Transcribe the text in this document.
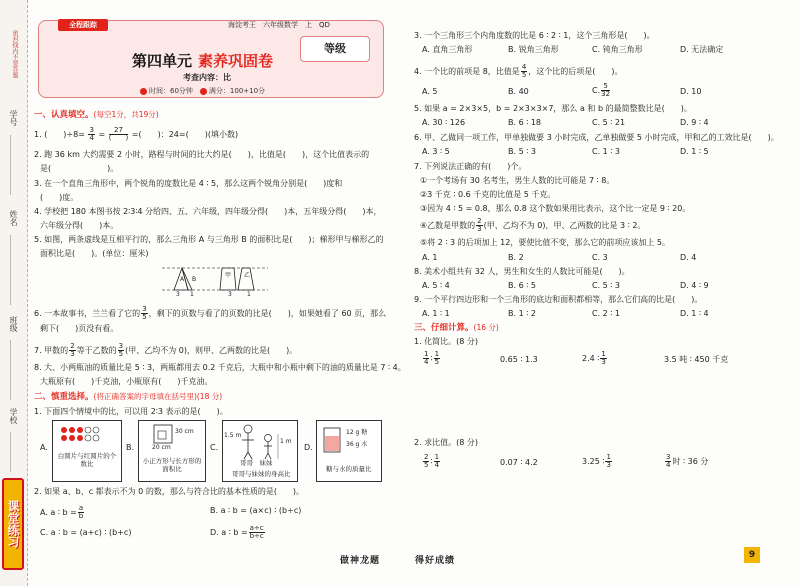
密封线内不要答题
学号
姓名
班级
学校
课堂练习
全程跟踪	海淀考王　六年级数学　上　QD
第四单元 素养巩固卷
等级
考查内容：比
时间：60分钟　 满分：100+10分
一、认真填空。(每空1分，共19分)
1. (　　)$\div 8= \frac{3}{4} = \frac{27}{( )}$ =(　　)：24=(　　)(填小数)
2. 跑 36 km 大约需要 2 小时，路程与时间的比大约是(　　)，比值是(　　)，这个比值表示的
是(　　　　　　　)。
3. 在一个直角三角形中，两个锐角的度数比是 4 ∶ 5，那么这两个锐角分别是(　　)度和
(　　)度。
4. 学校把 180 本图书按 2∶3∶4 分给四、五、六年级，四年级分得(　　)本，五年级分得(　　)本，
六年级分得(　　)本。
5. 如图，两条虚线是互相平行的，那么三角形 A 与三角形 B 的面积比是(　　)；梯形甲与梯形乙的
面积比是(　　)。(单位：厘米)
A B
甲 乙
3 1	3	1
6. 一本故事书，兰兰看了它的 $\frac{3}{5}$ ，剩下的页数与看了的页数的比是(　　)，如果她看了 60 页，那么
剩下(　　)页没有看。
7. 甲数的 $\frac{2}{3}$ 等于乙数的 $\frac{3}{5}$ (甲、乙均不为 0)，则甲、乙两数的比是(　　)。
8. 大、小两瓶油的质量比是 5 ∶ 3，两瓶都用去 0.2 千克后，大瓶中和小瓶中剩下的油的质量比是 7 ∶ 4。
大瓶原有(　　)千克油，小瓶原有(　　)千克油。
二、慎重选择。(将正确答案的字母填在括号里)(18 分)
1. 下面四个情境中的比，可以用 2∶3 表示的是(　　)。
A.
白圆片与红圆片的个数比
B.
30 cm
20 cm
小正方形与长方形的面积比
C.
1.5 m
1 m
哥哥　妹妹
哥哥与妹妹的身高比
D.
12 g 糖
36 g 水
糖与水的质量比
2. 如果 a、b、c 都表示不为 0 的数，那么与符合比的基本性质的是(　　)。
A. a ∶ $b = \frac{a}{b}$	B. a ∶ b = (a×c) ∶ (b÷c)
C. a ∶ b = (a+c) ∶ (b+c)	D. a ∶ $b = \frac{a\div c}{b\div c}$
做神龙题	得好成绩
3. 一个三角形三个内角度数的比是 6 ∶ 2 ∶ 1，这个三角形是(　　)。
A. 直角三角形	B. 锐角三角形	C. 钝角三角形	D. 无法确定
4. 一个比的前项是 8，比值是 $\frac{4}{5}$ ，这个比的后项是(　　)。
A. 5	B. 40	C. $\frac{5}{32}$	D. 10
5. 如果 a = 2×3×5，b = 2×3×3×7，那么 a 和 b 的最简整数比是(　　)。
A. 30 ∶ 126	B. 6 ∶ 18	C. 5 ∶ 21	D. 9 ∶ 4
6. 甲、乙做同一项工作，甲单独做要 3 小时完成，乙单独做要 5 小时完成，甲和乙的工效比是(　　)。
A. 3 ∶ 5	B. 5 ∶ 3	C. 1 ∶ 3	D. 1 ∶ 5
7. 下列说法正确的有(　　)个。
①一个考场有 30 名考生，男生人数的比可能是 7 ∶ 8。
②3 千克 ∶ 0.6 千克的比值是 5 千克。
③因为 4 ∶ 5 = 0.8，那么 0.8 这个数如果用比表示，这个比一定是 9 ∶ 20。
④乙数是甲数的 $\frac{2}{3}$ (甲、乙均不为 0)，甲、乙两数的比是 3 ∶ 2。
⑤将 2 ∶ 3 的后项加上 12，要使比值不变，那么它的前项应该加上 5。
A. 1	B. 2	C. 3	D. 4
8. 美术小组共有 32 人，男生和女生的人数比可能是(　　)。
A. 5 ∶ 4	B. 6 ∶ 5	C. 5 ∶ 3	D. 4 ∶ 9
9. 一个平行四边形和一个三角形的底边和面积都相等，那么它们高的比是(　　)。
A. 1 ∶ 1	B. 1 ∶ 2	C. 2 ∶ 1	D. 1 ∶ 4
三、仔细计算。(16 分)
1. 化简比。(8 分)
$\frac{1}{4}$ ∶ $\frac{1}{5}$	0.65 ∶ 1.3	2.4 ∶ $\frac{1}{3}$	3.5 吨 ∶ 450 千克
2. 求比值。(8 分)
$\frac{2}{5}$ ∶ $\frac{1}{4}$	0.07 ∶ 4.2	3.25 ∶ $\frac{1}{3}$	$\frac{3}{4}$ 时 ∶ 36 分
9
